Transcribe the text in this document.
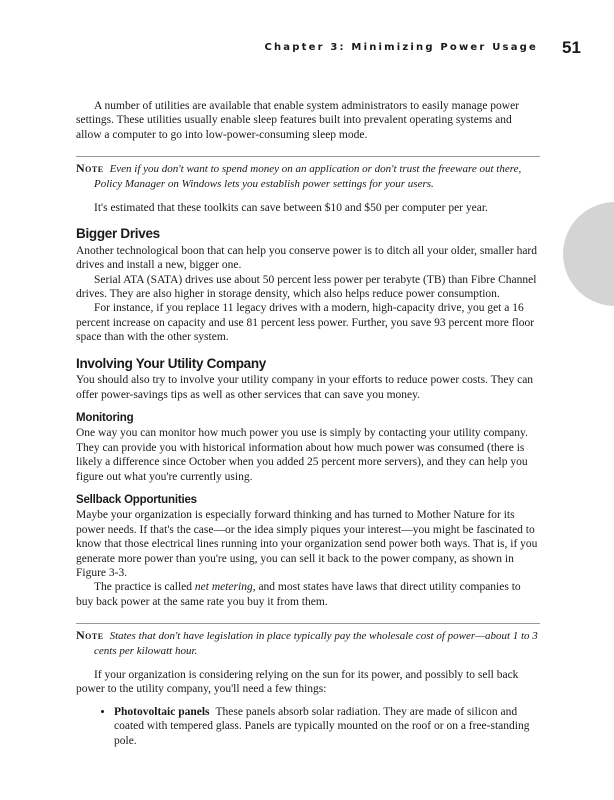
Chapter 3: Minimizing Power Usage 51
PART II

A number of utilities are available that enable system administrators to easily manage power settings. These utilities usually enable sleep features built into prevalent operating systems and allow a computer to go into low-power-consuming sleep mode.

Note Even if you don't want to spend money on an application or don't trust the freeware out there, Policy Manager on Windows lets you establish power settings for your users.

It's estimated that these toolkits can save between $10 and $50 per computer per year.

Bigger Drives

Another technological boon that can help you conserve power is to ditch all your older, smaller hard drives and install a new, bigger one.

Serial ATA (SATA) drives use about 50 percent less power per terabyte (TB) than Fibre Channel drives. They are also higher in storage density, which also helps reduce power consumption.

For instance, if you replace 11 legacy drives with a modern, high-capacity drive, you get a 16 percent increase on capacity and use 81 percent less power. Further, you save 93 percent more floor space than with the other system.

Involving Your Utility Company

You should also try to involve your utility company in your efforts to reduce power costs. They can offer power-savings tips as well as other services that can save you money.

Monitoring

One way you can monitor how much power you use is simply by contacting your utility company. They can provide you with historical information about how much power was consumed (there is likely a difference since October when you added 25 percent more servers), and they can help you figure out what you're currently using.

Sellback Opportunities

Maybe your organization is especially forward thinking and has turned to Mother Nature for its power needs. If that's the case—or the idea simply piques your interest—you might be fascinated to know that those electrical lines running into your organization send power both ways. That is, if you generate more power than you're using, you can sell it back to the power company, as shown in Figure 3-3.

The practice is called net metering, and most states have laws that direct utility companies to buy back power at the same rate you buy it from them.

Note States that don't have legislation in place typically pay the wholesale cost of power—about 1 to 3 cents per kilowatt hour.

If your organization is considering relying on the sun for its power, and possibly to sell back power to the utility company, you'll need a few things:

• Photovoltaic panels These panels absorb solar radiation. They are made of silicon and coated with tempered glass. Panels are typically mounted on the roof or on a free-standing pole.
